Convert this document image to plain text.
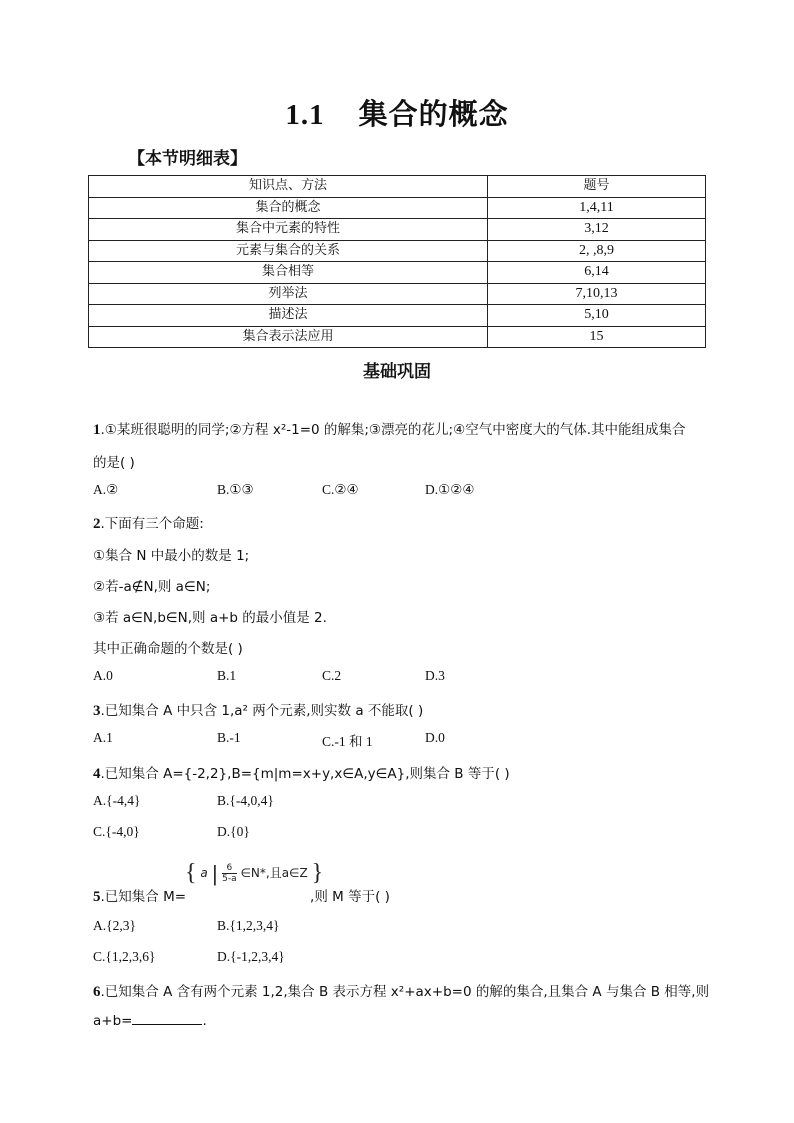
1.1 集合的概念
【本节明细表】
知识点、方法	题号
集合的概念	1,4,11
集合中元素的特性	3,12
元素与集合的关系	2, ,8,9
集合相等	6,14
列举法	7,10,13
描述法	5,10
集合表示法应用	15
基础巩固
1.①某班很聪明的同学;②方程 x²-1=0 的解集;③漂亮的花儿;④空气中密度大的气体.其中能组成集合
的是( )
A.②	B.①③	C.②④	D.①②④
2.下面有三个命题:
①集合 N 中最小的数是 1;
②若-a∉N,则 a∈N;
③若 a∈N,b∈N,则 a+b 的最小值是 2.
其中正确命题的个数是( )
A.0	B.1	C.2	D.3
3.已知集合 A 中只含 1,a² 两个元素,则实数 a 不能取( )
A.1	B.-1	C.-1 和 1	D.0
4.已知集合 A={-2,2},B={m|m=x+y,x∈A,y∈A},则集合 B 等于( )
A.{-4,4}	B.{-4,0,4}
C.{-4,0}	D.{0}
{ a | $\frac{6}{5-a}$ ∈N*,且a∈Z }
5.已知集合 M=	,则 M 等于( )
A.{2,3}	B.{1,2,3,4}
C.{1,2,3,6}	D.{-1,2,3,4}
6.已知集合 A 含有两个元素 1,2,集合 B 表示方程 x²+ax+b=0 的解的集合,且集合 A 与集合 B 相等,则
a+b=	.
